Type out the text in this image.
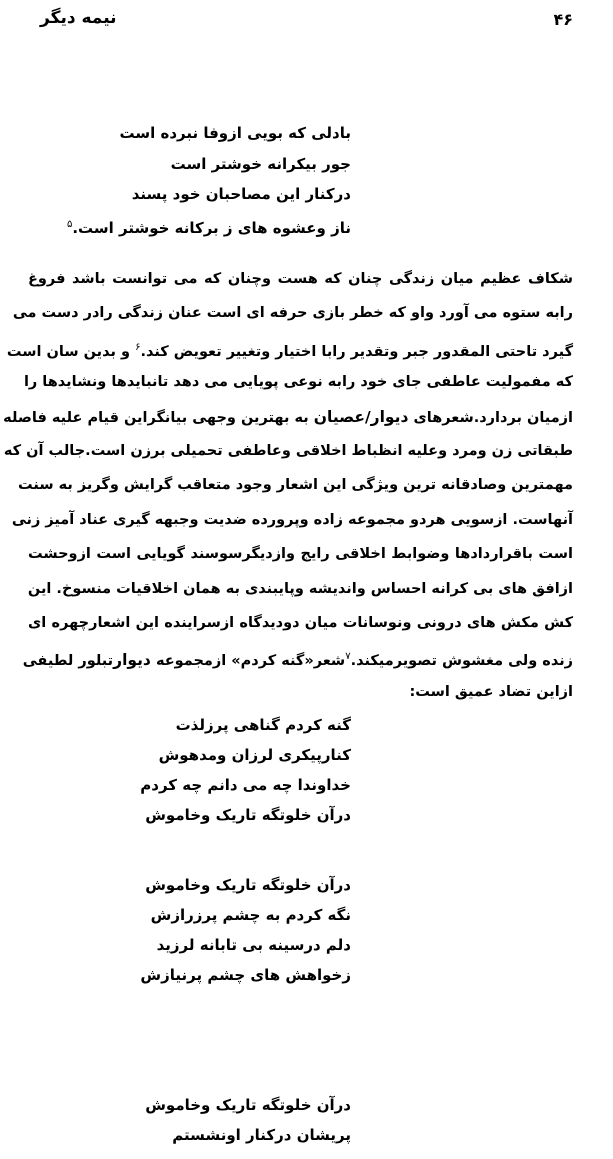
نیمه دیگر	۴۶
بادلی که بویی ازوفا نبرده است
جور بیکرانه خوشتر است
درکنار این مصاحبان خود پسند
ناز وعشوه های ز برکانه خوشتر است.$^۵$
شکاف عظیم میان زندگی چنان که هست وچنان که می توانست باشد فروغ
رابه ستوه می آورد واو که خطر بازی حرفه ای است عنان زندگی رادر دست می
گیرد تاحتی المقدور جبر وتقدیر رابا اختیار وتغییر تعویض کند.$^۶$ و بدین سان است
که مفمولیت عاطفی جای خود رابه نوعی پویایی می دهد تانبایدها ونشایدها را
ازمیان بردارد.شعرهای دیوار/عصیان به بهترین وجهی بیانگراین قیام علیه فاصله
طبقاتی زن ومرد وعلیه انظباط اخلاقی وعاطفی تحمیلی برزن است.جالب آن که
مهمترین وصادقانه ترین ویژگی این اشعار وجود متعاقب گرایش وگریز به سنت
آنهاست. ازسویی هردو مجموعه زاده وپرورده ضدیت وجبهه گیری عناد آمیز زنی
است باقراردادها وضوابط اخلاقی رایج وازدیگرسوسند گویایی است ازوحشت
ازافق های بی کرانه احساس واندیشه وپایبندی به همان اخلاقیات منسوخ. این
کش مکش های درونی ونوسانات میان دودیدگاه ازسراینده این اشعارچهره ای
زنده ولی مغشوش تصویرمیکند.$^۷$شعر«گنه کردم» ازمجموعه دیوارتبلور لطیفی
ازاین تضاد عمیق است:
گنه کردم گناهی پرزلذت
کنارپیکری لرزان ومدهوش
خداوندا چه می دانم چه کردم
درآن خلوتگه تاریک وخاموش
درآن خلوتگه تاریک وخاموش
نگه کردم به چشم پرزرازش
دلم درسینه بی تابانه لرزید
زخواهش های چشم پرنیازش
درآن خلوتگه تاریک وخاموش
پریشان درکنار اونشستم
